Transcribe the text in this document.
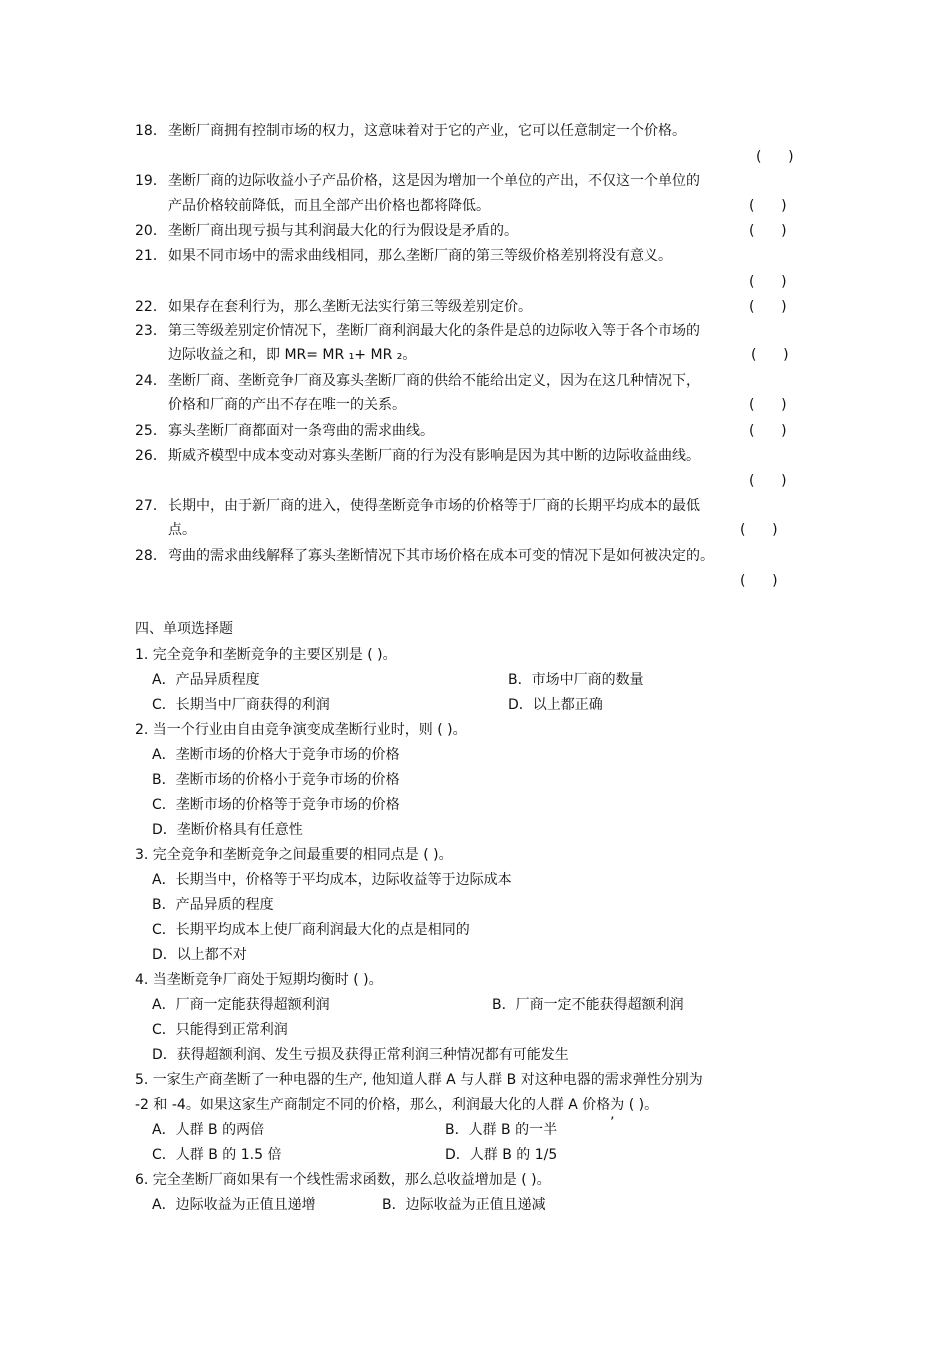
18． 垄断厂商拥有控制市场的权力，这意味着对于它的产业，它可以任意制定一个价格。
(      )
19． 垄断厂商的边际收益小子产品价格，这是因为增加一个单位的产出，不仅这一个单位的
产品价格较前降低，而且全部产出价格也都将降低。	(      )
20． 垄断厂商出现亏损与其利润最大化的行为假设是矛盾的。	(      )
21． 如果不同市场中的需求曲线相同，那么垄断厂商的第三等级价格差别将没有意义。
(      )
22． 如果存在套利行为，那么垄断无法实行第三等级差别定价。	(      )
23． 第三等级差别定价情况下，垄断厂商利润最大化的条件是总的边际收入等于各个市场的
边际收益之和，即 MR= MR ₁+ MR ₂。	(      )
24． 垄断厂商、垄断竞争厂商及寡头垄断厂商的供给不能给出定义，因为在这几种情况下，
价格和厂商的产出不存在唯一的关系。	(      )
25． 寡头垄断厂商都面对一条弯曲的需求曲线。	(      )
26． 斯威齐模型中成本变动对寡头垄断厂商的行为没有影响是因为其中断的边际收益曲线。
(      )
27． 长期中，由于新厂商的进入，使得垄断竞争市场的价格等于厂商的长期平均成本的最低
点。	(      )
28． 弯曲的需求曲线解释了寡头垄断情况下其市场价格在成本可变的情况下是如何被决定的。
(      )
四、单项选择题
1. 完全竞争和垄断竞争的主要区别是 ( )。
A．产品异质程度	B．市场中厂商的数量
C．长期当中厂商获得的利润	D．以上都正确
2. 当一个行业由自由竞争演变成垄断行业时，则 ( )。
A．垄断市场的价格大于竞争市场的价格
B．垄断市场的价格小于竞争市场的价格
C．垄断市场的价格等于竞争市场的价格
D．垄断价格具有任意性
3. 完全竞争和垄断竞争之间最重要的相同点是 ( )。
A．长期当中，价格等于平均成本，边际收益等于边际成本
B．产品异质的程度
C．长期平均成本上使厂商利润最大化的点是相同的
D．以上都不对
4. 当垄断竞争厂商处于短期均衡时 ( )。
A．厂商一定能获得超额利润	B．厂商一定不能获得超额利润
C．只能得到正常利润
D．获得超额利润、发生亏损及获得正常利润三种情况都有可能发生
5. 一家生产商垄断了一种电器的生产, 他知道人群 A 与人群 B 对这种电器的需求弹性分别为
-2 和 -4。如果这家生产商制定不同的价格，那么，利润最大化的人群 A 价格为 ( )。
A．人群 B 的两倍	B．人群 B 的一半	’
C．人群 B 的 1.5 倍	D．人群 B 的 1/5
6. 完全垄断厂商如果有一个线性需求函数，那么总收益增加是 ( )。
A．边际收益为正值且递增	B．边际收益为正值且递减
